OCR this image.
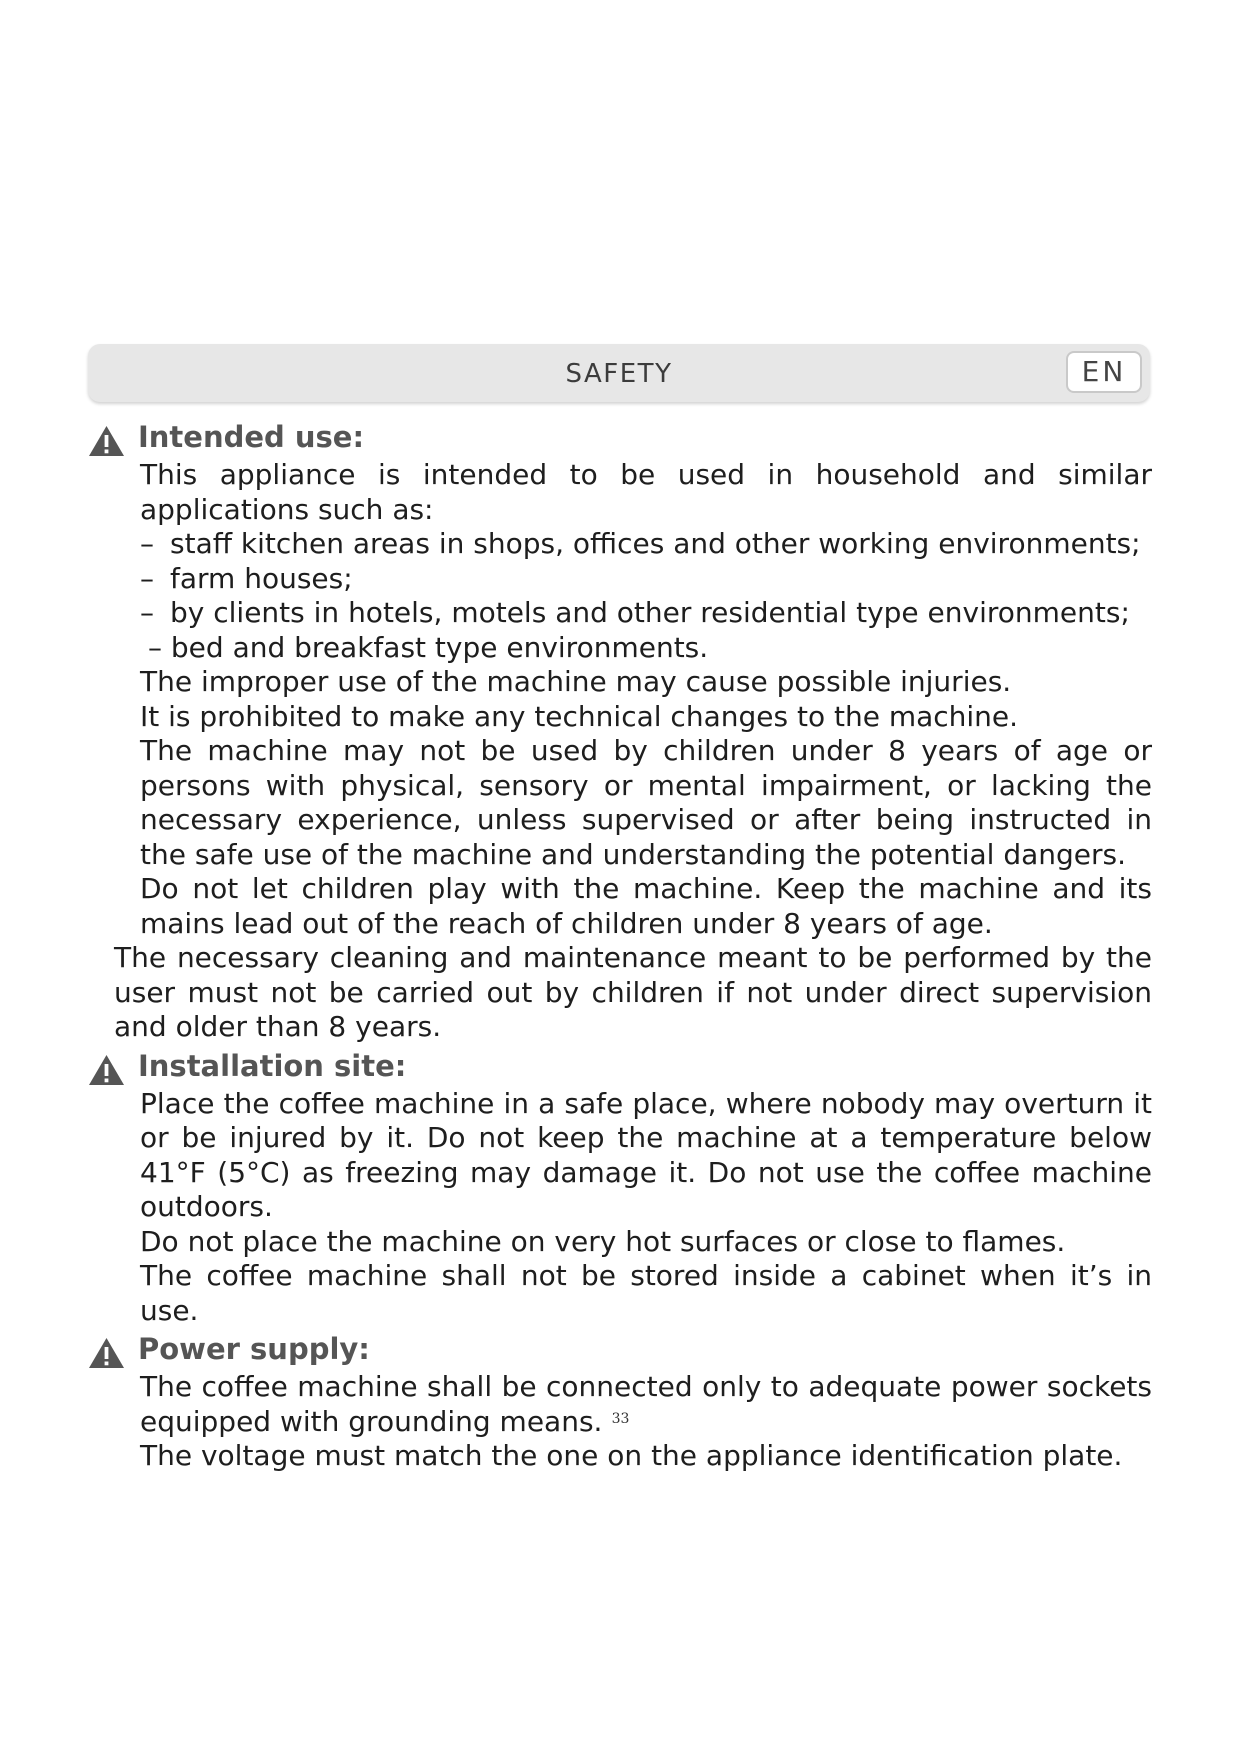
SAFETY	EN
Intended use:

This appliance is intended to be used in household and similar applications such as:

– staff kitchen areas in shops, offices and other working environments;
– farm houses;
– by clients in hotels, motels and other residential type environments;
– bed and breakfast type environments.

The improper use of the machine may cause possible injuries.

It is prohibited to make any technical changes to the machine.

The machine may not be used by children under 8 years of age or persons with physical, sensory or mental impairment, or lacking the necessary experience, unless supervised or after being instructed in the safe use of the machine and understanding the potential dangers.

Do not let children play with the machine. Keep the machine and its mains lead out of the reach of children under 8 years of age.

The necessary cleaning and maintenance meant to be performed by the user must not be carried out by children if not under direct supervision and older than 8 years.

Installation site:

Place the coffee machine in a safe place, where nobody may overturn it or be injured by it. Do not keep the machine at a temperature below 41°F (5°C) as freezing may damage it. Do not use the coffee machine outdoors.

Do not place the machine on very hot surfaces or close to flames.

The coffee machine shall not be stored inside a cabinet when it’s in use.

Power supply:

The coffee machine shall be connected only to adequate power sockets equipped with grounding means.

The voltage must match the one on the appliance identification plate.

33
